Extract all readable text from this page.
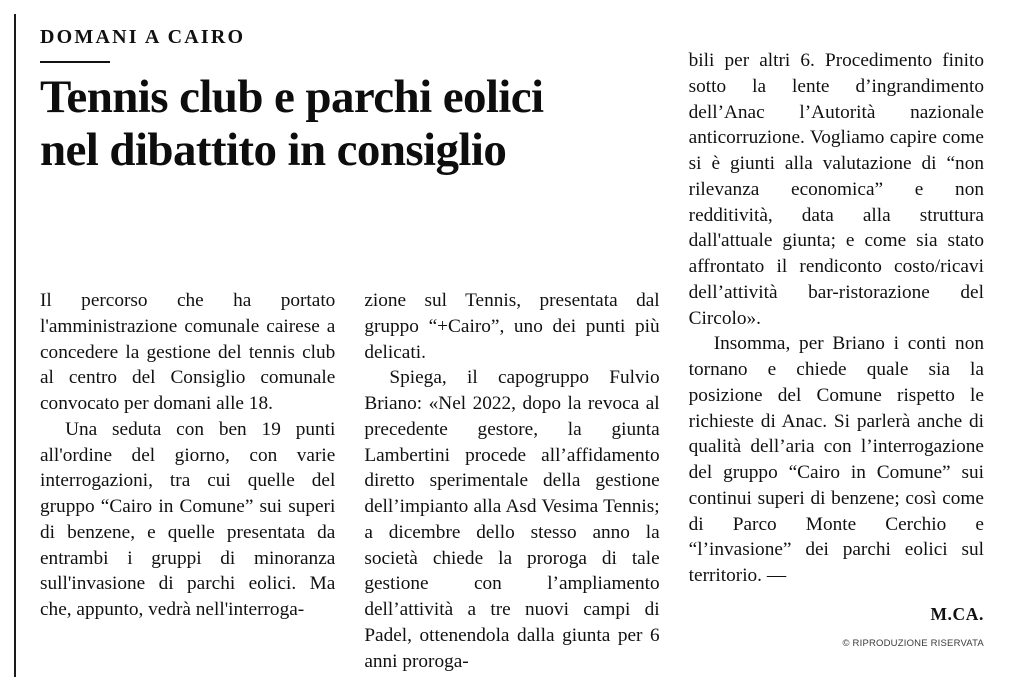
DOMANI A CAIRO
Tennis club e parchi eolici
nel dibattito in consiglio

Il percorso che ha portato l'amministrazione comunale cairese a concedere la gestione del tennis club al centro del Consiglio comunale convocato per domani alle 18.

Una seduta con ben 19 punti all'ordine del giorno, con varie interrogazioni, tra cui quelle del gruppo “Cairo in Comune” sui superi di benzene, e quelle presentata da entrambi i gruppi di minoranza sull'invasione di parchi eolici. Ma che, appunto, vedrà nell'interroga-

zione sul Tennis, presentata dal gruppo “+Cairo”, uno dei punti più delicati.

Spiega, il capogruppo Fulvio Briano: «Nel 2022, dopo la revoca al precedente gestore, la giunta Lambertini procede all’affidamento diretto sperimentale della gestione dell’impianto alla Asd Vesima Tennis; a dicembre dello stesso anno la società chiede la proroga di tale gestione con l’ampliamento dell’attività a tre nuovi campi di Padel, ottenendola dalla giunta per 6 anni proroga-

bili per altri 6. Procedimento finito sotto la lente d’ingrandimento dell’Anac l’Autorità nazionale anticorruzione. Vogliamo capire come si è giunti alla valutazione di “non rilevanza economica” e non redditività, data alla struttura dall'attuale giunta; e come sia stato affrontato il rendiconto costo/ricavi dell’attività bar-ristorazione del Circolo».

Insomma, per Briano i conti non tornano e chiede quale sia la posizione del Comune rispetto le richieste di Anac. Si parlerà anche di qualità dell’aria con l’interrogazione del gruppo “Cairo in Comune” sui continui superi di benzene; così come di Parco Monte Cerchio e “l’invasione” dei parchi eolici sul territorio. —

M.CA.
© RIPRODUZIONE RISERVATA
